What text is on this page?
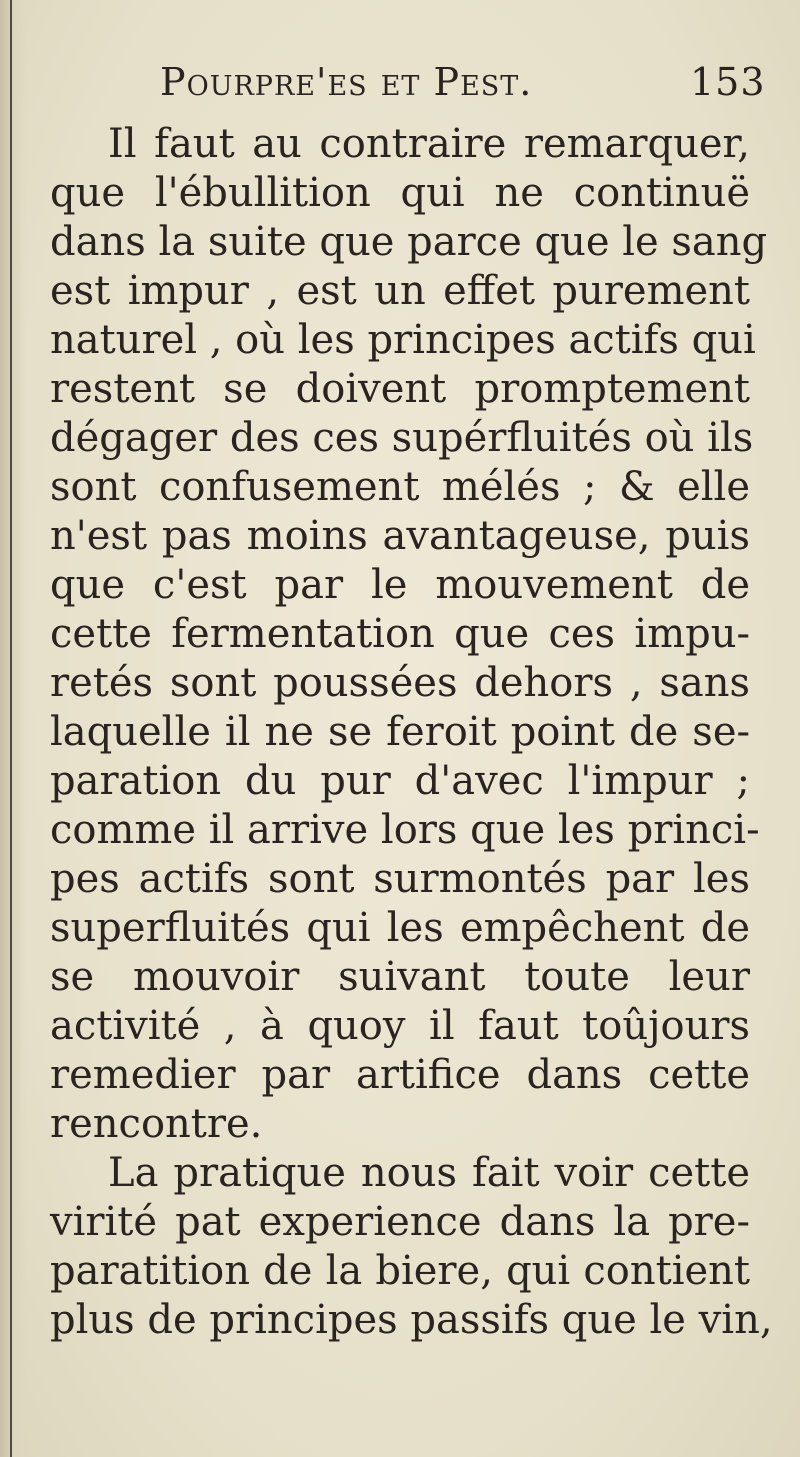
Pourpre'es et Pest.	153
Il faut au contraire remarquer,
que l'ébullition qui ne continuë
dans la suite que parce que le sang
est impur , est un effet purement
naturel , où les principes actifs qui
restent se doivent promptement
dégager des ces supérfluités où ils
sont confusement mélés ; & elle
n'est pas moins avantageuse, puis
que c'est par le mouvement de
cette fermentation que ces impu-
retés sont poussées dehors , sans
laquelle il ne se feroit point de se-
paration du pur d'avec l'impur ;
comme il arrive lors que les princi-
pes actifs sont surmontés par les
superfluités qui les empêchent de
se mouvoir suivant toute leur
activité , à quoy il faut toûjours
remedier par artifice dans cette
rencontre.
La pratique nous fait voir cette
virité pat experience dans la pre-
paratition de la biere, qui contient
plus de principes passifs que le vin,
